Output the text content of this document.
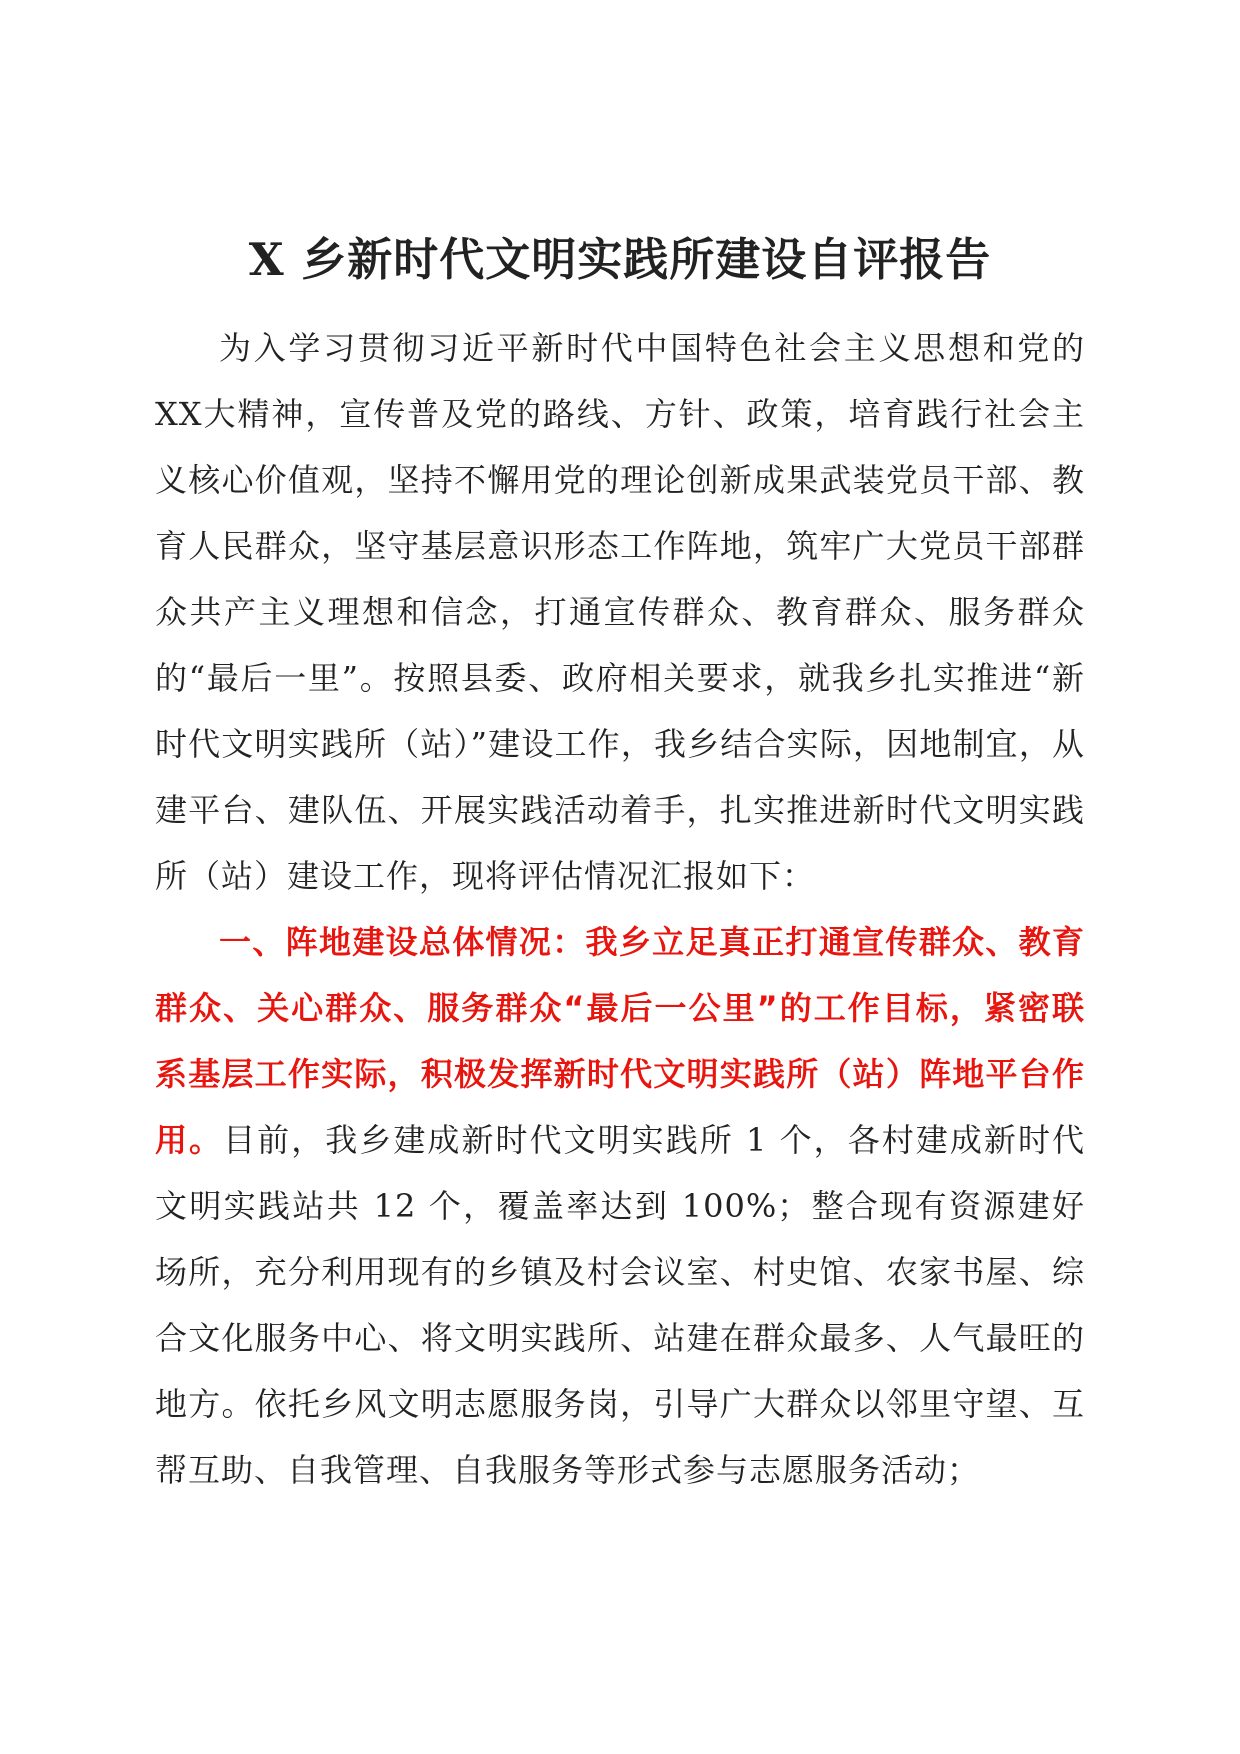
X 乡新时代文明实践所建设自评报告

为入学习贯彻习近平新时代中国特色社会主义思想和党的XX大精神，宣传普及党的路线、方针、政策，培育践行社会主义核心价值观，坚持不懈用党的理论创新成果武装党员干部、教育人民群众，坚守基层意识形态工作阵地，筑牢广大党员干部群众共产主义理想和信念，打通宣传群众、教育群众、服务群众的“最后一里”。按照县委、政府相关要求，就我乡扎实推进“新时代文明实践所（站）”建设工作，我乡结合实际，因地制宜，从建平台、建队伍、开展实践活动着手，扎实推进新时代文明实践所（站）建设工作，现将评估情况汇报如下：

一、阵地建设总体情况：我乡立足真正打通宣传群众、教育群众、关心群众、服务群众“最后一公里”的工作目标，紧密联系基层工作实际，积极发挥新时代文明实践所（站）阵地平台作用。目前，我乡建成新时代文明实践所 1 个，各村建成新时代文明实践站共 12 个，覆盖率达到 100%；整合现有资源建好场所，充分利用现有的乡镇及村会议室、村史馆、农家书屋、综合文化服务中心、将文明实践所、站建在群众最多、人气最旺的地方。依托乡风文明志愿服务岗，引导广大群众以邻里守望、互帮互助、自我管理、自我服务等形式参与志愿服务活动；
